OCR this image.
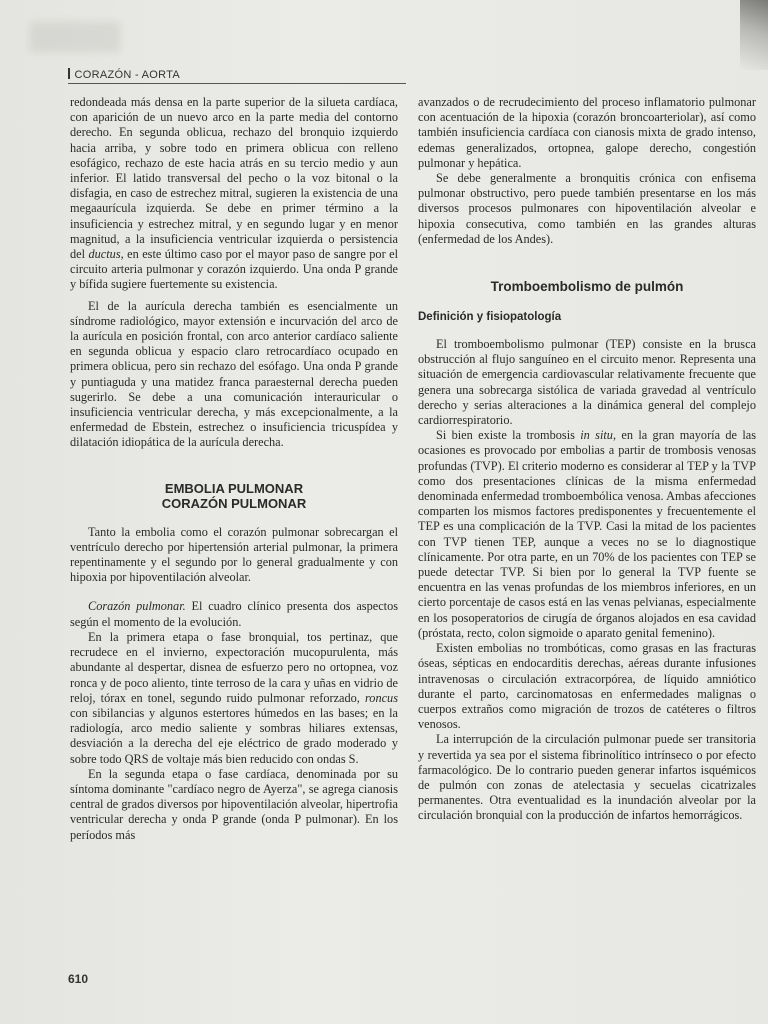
CORAZÓN - AORTA

redondeada más densa en la parte superior de la silueta cardíaca, con aparición de un nuevo arco en la parte media del contorno derecho. En segunda oblicua, rechazo del bronquio izquierdo hacia arriba, y sobre todo en primera oblicua con relleno esofágico, rechazo de este hacia atrás en su tercio medio y aun inferior. El latido transversal del pecho o la voz bitonal o la disfagia, en caso de estrechez mitral, sugieren la existencia de una megaaurícula izquierda. Se debe en primer término a la insuficiencia y estrechez mitral, y en segundo lugar y en menor magnitud, a la insuficiencia ventricular izquierda o persistencia del ductus, en este último caso por el mayor paso de sangre por el circuito arteria pulmonar y corazón izquierdo. Una onda P grande y bífida sugiere fuertemente su existencia.

El de la aurícula derecha también es esencialmente un síndrome radiológico, mayor extensión e incurvación del arco de la aurícula en posición frontal, con arco anterior cardíaco saliente en segunda oblicua y espacio claro retrocardíaco ocupado en primera oblicua, pero sin rechazo del esófago. Una onda P grande y puntiaguda y una matidez franca paraesternal derecha pueden sugerirlo. Se debe a una comunicación interauricular o insuficiencia ventricular derecha, y más excepcionalmente, a la enfermedad de Ebstein, estrechez o insuficiencia tricuspídea y dilatación idiopática de la aurícula derecha.

EMBOLIA PULMONAR
CORAZÓN PULMONAR

Tanto la embolia como el corazón pulmonar sobrecargan el ventrículo derecho por hipertensión arterial pulmonar, la primera repentinamente y el segundo por lo general gradualmente y con hipoxia por hipoventilación alveolar.

Corazón pulmonar. El cuadro clínico presenta dos aspectos según el momento de la evolución.

En la primera etapa o fase bronquial, tos pertinaz, que recrudece en el invierno, expectoración mucopurulenta, más abundante al despertar, disnea de esfuerzo pero no ortopnea, voz ronca y de poco aliento, tinte terroso de la cara y uñas en vidrio de reloj, tórax en tonel, segundo ruido pulmonar reforzado, roncus con sibilancias y algunos estertores húmedos en las bases; en la radiología, arco medio saliente y sombras hiliares extensas, desviación a la derecha del eje eléctrico de grado moderado y sobre todo QRS de voltaje más bien reducido con ondas S.

En la segunda etapa o fase cardíaca, denominada por su síntoma dominante "cardíaco negro de Ayerza", se agrega cianosis central de grados diversos por hipoventilación alveolar, hipertrofia ventricular derecha y onda P grande (onda P pulmonar). En los períodos más

avanzados o de recrudecimiento del proceso inflamatorio pulmonar con acentuación de la hipoxia (corazón broncoarteriolar), así como también insuficiencia cardíaca con cianosis mixta de grado intenso, edemas generalizados, ortopnea, galope derecho, congestión pulmonar y hepática.

Se debe generalmente a bronquitis crónica con enfisema pulmonar obstructivo, pero puede también presentarse en los más diversos procesos pulmonares con hipoventilación alveolar e hipoxia consecutiva, como también en las grandes alturas (enfermedad de los Andes).

Tromboembolismo de pulmón
Definición y fisiopatología

El tromboembolismo pulmonar (TEP) consiste en la brusca obstrucción al flujo sanguíneo en el circuito menor. Representa una situación de emergencia cardiovascular relativamente frecuente que genera una sobrecarga sistólica de variada gravedad al ventrículo derecho y serias alteraciones a la dinámica general del complejo cardiorrespiratorio.

Si bien existe la trombosis in situ, en la gran mayoría de las ocasiones es provocado por embolias a partir de trombosis venosas profundas (TVP). El criterio moderno es considerar al TEP y la TVP como dos presentaciones clínicas de la misma enfermedad denominada enfermedad tromboembólica venosa. Ambas afecciones comparten los mismos factores predisponentes y frecuentemente el TEP es una complicación de la TVP. Casi la mitad de los pacientes con TVP tienen TEP, aunque a veces no se lo diagnostique clínicamente. Por otra parte, en un 70% de los pacientes con TEP se puede detectar TVP. Si bien por lo general la TVP fuente se encuentra en las venas profundas de los miembros inferiores, en un cierto porcentaje de casos está en las venas pelvianas, especialmente en los posoperatorios de cirugía de órganos alojados en esa cavidad (próstata, recto, colon sigmoide o aparato genital femenino).

Existen embolias no trombóticas, como grasas en las fracturas óseas, sépticas en endocarditis derechas, aéreas durante infusiones intravenosas o circulación extracorpórea, de líquido amniótico durante el parto, carcinomatosas en enfermedades malignas o cuerpos extraños como migración de trozos de catéteres o filtros venosos.

La interrupción de la circulación pulmonar puede ser transitoria y revertida ya sea por el sistema fibrinolítico intrínseco o por efecto farmacológico. De lo contrario pueden generar infartos isquémicos de pulmón con zonas de atelectasia y secuelas cicatrizales permanentes. Otra eventualidad es la inundación alveolar por la circulación bronquial con la producción de infartos hemorrágicos.

610
